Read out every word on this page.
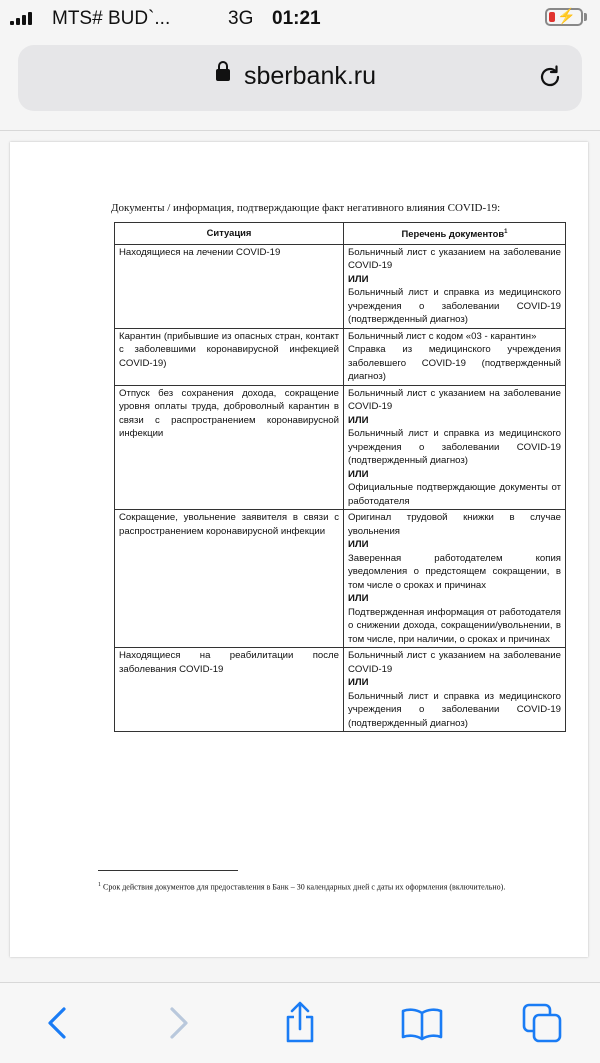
MTS# BUD`...	3G 01:21	⚡
sberbank.ru
Документы / информация, подтверждающие факт негативного влияния COVID-19:
Ситуация	Перечень документов$^1$
Находящиеся на лечении COVID-19	Больничный лист с указанием на заболевание COVID-19
ИЛИ
Больничный лист и справка из медицинского учреждения о заболевании COVID-19 (подтвержденный диагноз)

Карантин (прибывшие из опасных стран, контакт с заболевшими коронавирусной инфекцией COVID-19)	Больничный лист с кодом «03 - карантин»
Справка из медицинского учреждения заболевшего COVID-19 (подтвержденный диагноз)

Отпуск без сохранения дохода, сокращение уровня оплаты труда, доброволный карантин в связи с распространением коронавирусной инфекции	Больничный лист с указанием на заболевание COVID-19
ИЛИ
Больничный лист и справка из медицинского учреждения о заболевании COVID-19 (подтвержденный диагноз)
ИЛИ
Официальные подтверждающие документы от работодателя

Сокращение, увольнение заявителя в связи с распространением коронавирусной инфекции	Оригинал трудовой книжки в случае увольнения
ИЛИ
Заверенная работодателем копия уведомления о предстоящем сокращении, в том числе о сроках и причинах
ИЛИ
Подтвержденная информация от работодателя о снижении дохода, сокращении/увольнении, в том числе, при наличии, о сроках и причинах

Находящиеся на реабилитации после заболевания COVID-19	Больничный лист с указанием на заболевание COVID-19
ИЛИ
Больничный лист и справка из медицинского учреждения о заболевании COVID-19 (подтвержденный диагноз)
$^1$ Срок действия документов для предоставления в Банк – 30 календарных дней с даты их оформления (включительно).
